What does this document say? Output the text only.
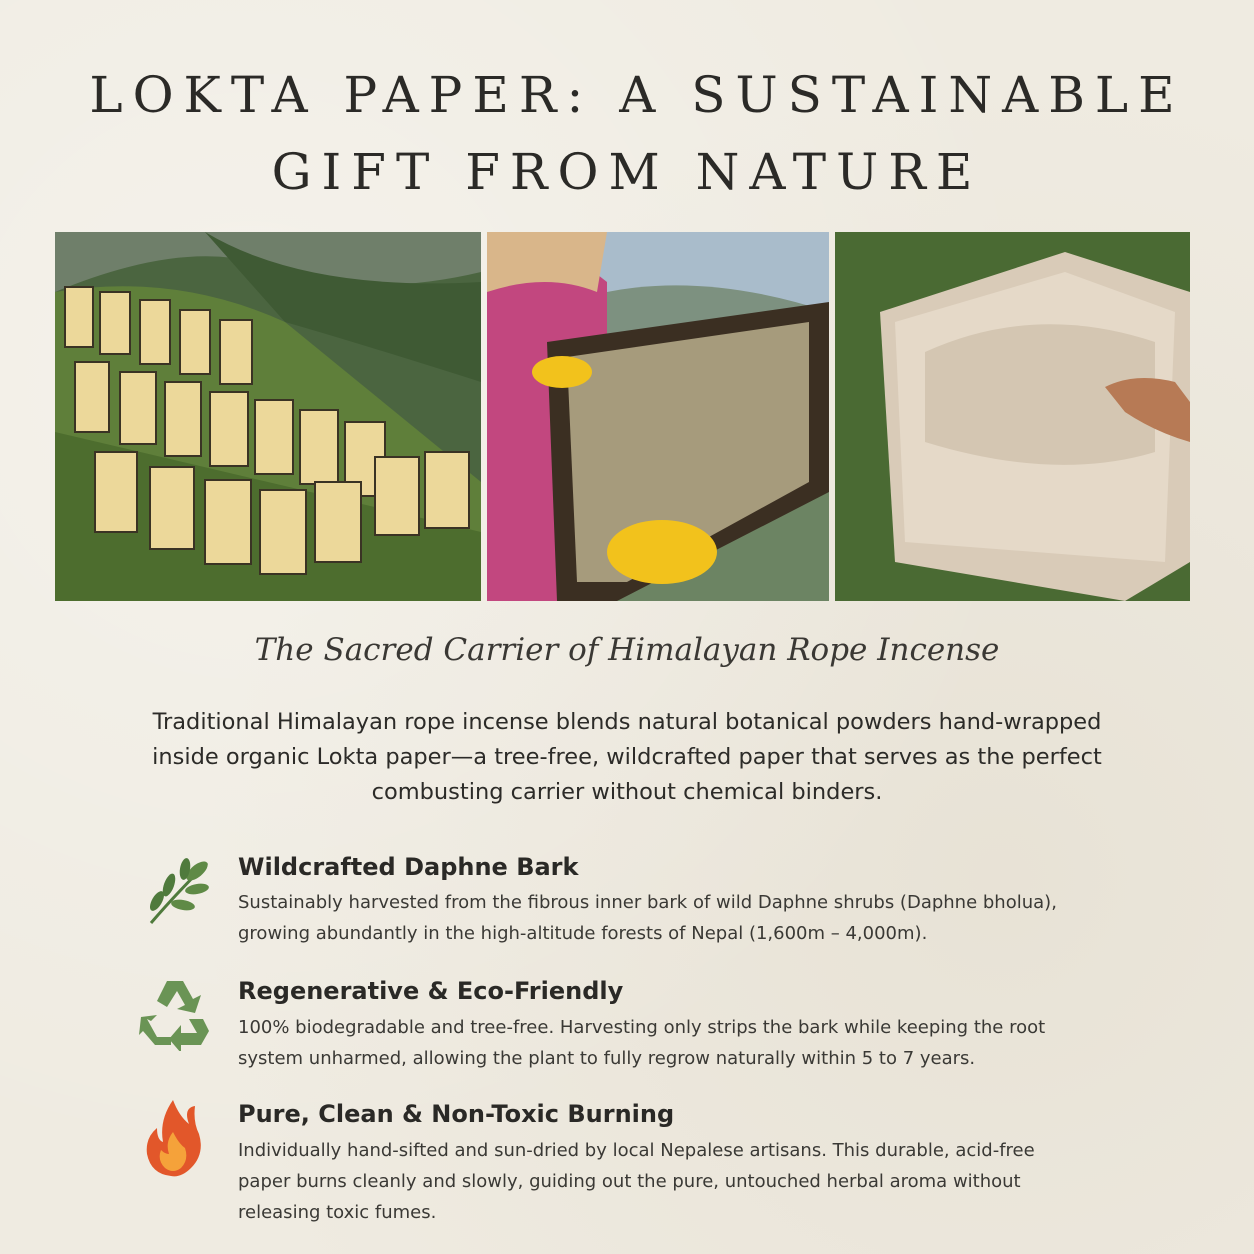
LOKTA PAPER: A SUSTAINABLE
GIFT FROM NATURE
The Sacred Carrier of Himalayan Rope Incense
Traditional Himalayan rope incense blends natural botanical powders hand-wrapped
inside organic Lokta paper—a tree-free, wildcrafted paper that serves as the perfect
combusting carrier without chemical binders.
Wildcrafted Daphne Bark
Sustainably harvested from the fibrous inner bark of wild Daphne shrubs (Daphne bholua),
growing abundantly in the high-altitude forests of Nepal (1,600m – 4,000m).
Regenerative & Eco-Friendly
100% biodegradable and tree-free. Harvesting only strips the bark while keeping the root
system unharmed, allowing the plant to fully regrow naturally within 5 to 7 years.
Pure, Clean & Non-Toxic Burning
Individually hand-sifted and sun-dried by local Nepalese artisans. This durable, acid-free
paper burns cleanly and slowly, guiding out the pure, untouched herbal aroma without
releasing toxic fumes.
